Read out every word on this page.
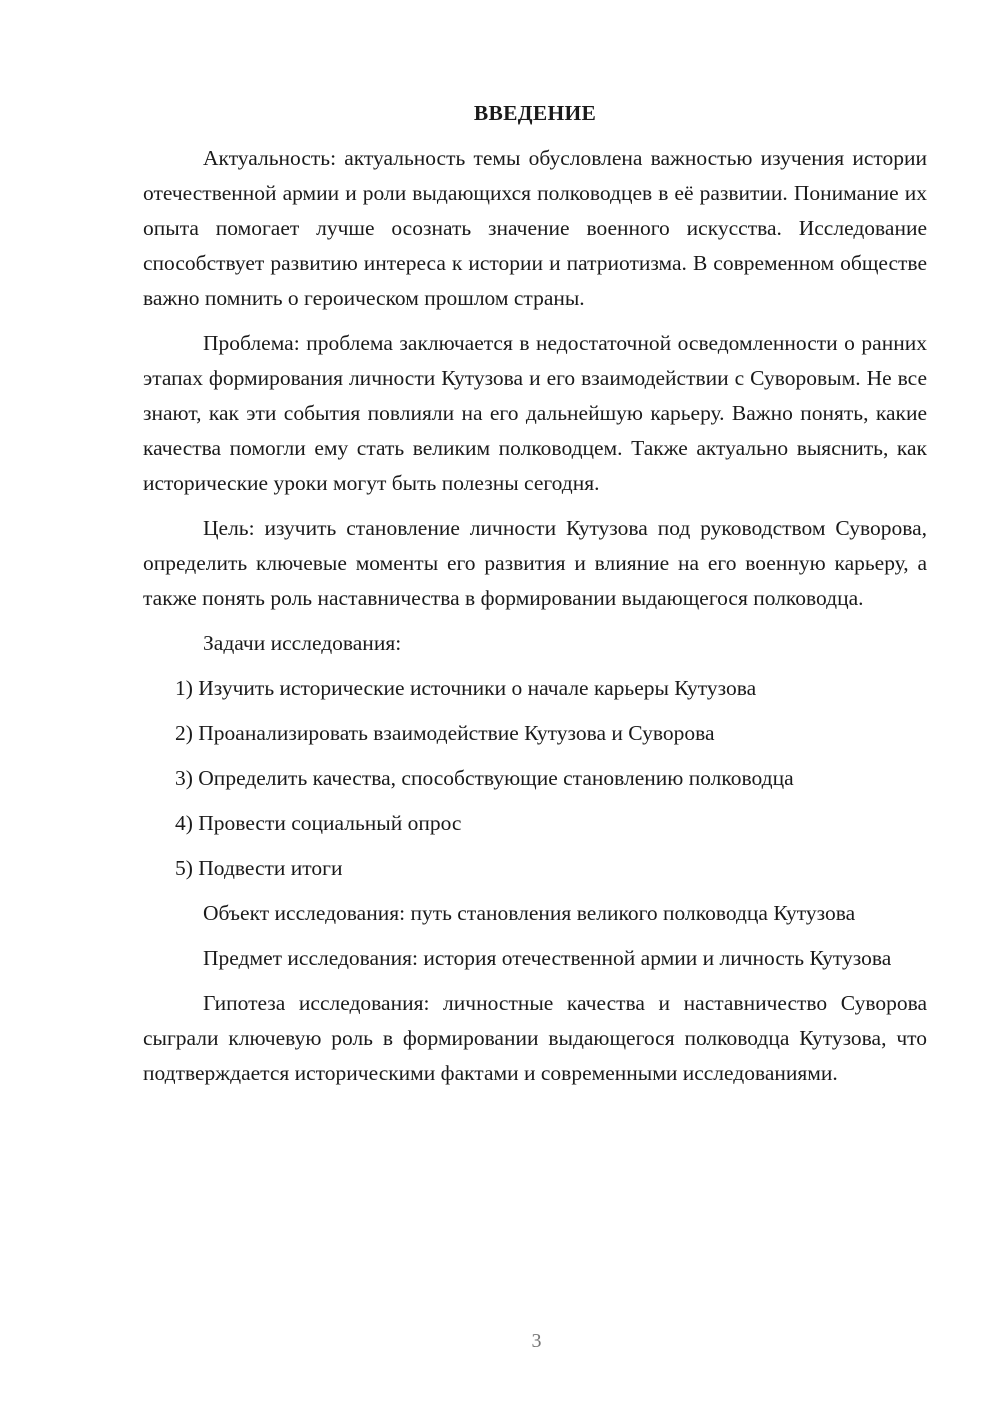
ВВЕДЕНИЕ

Актуальность: актуальность темы обусловлена важностью изучения истории отечественной армии и роли выдающихся полководцев в её развитии. Понимание их опыта помогает лучше осознать значение военного искусства. Исследование способствует развитию интереса к истории и патриотизма. В современном обществе важно помнить о героическом прошлом страны.

Проблема: проблема заключается в недостаточной осведомленности о ранних этапах формирования личности Кутузова и его взаимодействии с Суворовым. Не все знают, как эти события повлияли на его дальнейшую карьеру. Важно понять, какие качества помогли ему стать великим полководцем. Также актуально выяснить, как исторические уроки могут быть полезны сегодня.

Цель: изучить становление личности Кутузова под руководством Суворова, определить ключевые моменты его развития и влияние на его военную карьеру, а также понять роль наставничества в формировании выдающегося полководца.

Задачи исследования:
1) Изучить исторические источники о начале карьеры Кутузова
2) Проанализировать взаимодействие Кутузова и Суворова
3) Определить качества, способствующие становлению полководца
4) Провести социальный опрос
5) Подвести итоги

Объект исследования: путь становления великого полководца Кутузова

Предмет исследования: история отечественной армии и личность Кутузова

Гипотеза исследования: личностные качества и наставничество Суворова сыграли ключевую роль в формировании выдающегося полководца Кутузова, что подтверждается историческими фактами и современными исследованиями.

3
